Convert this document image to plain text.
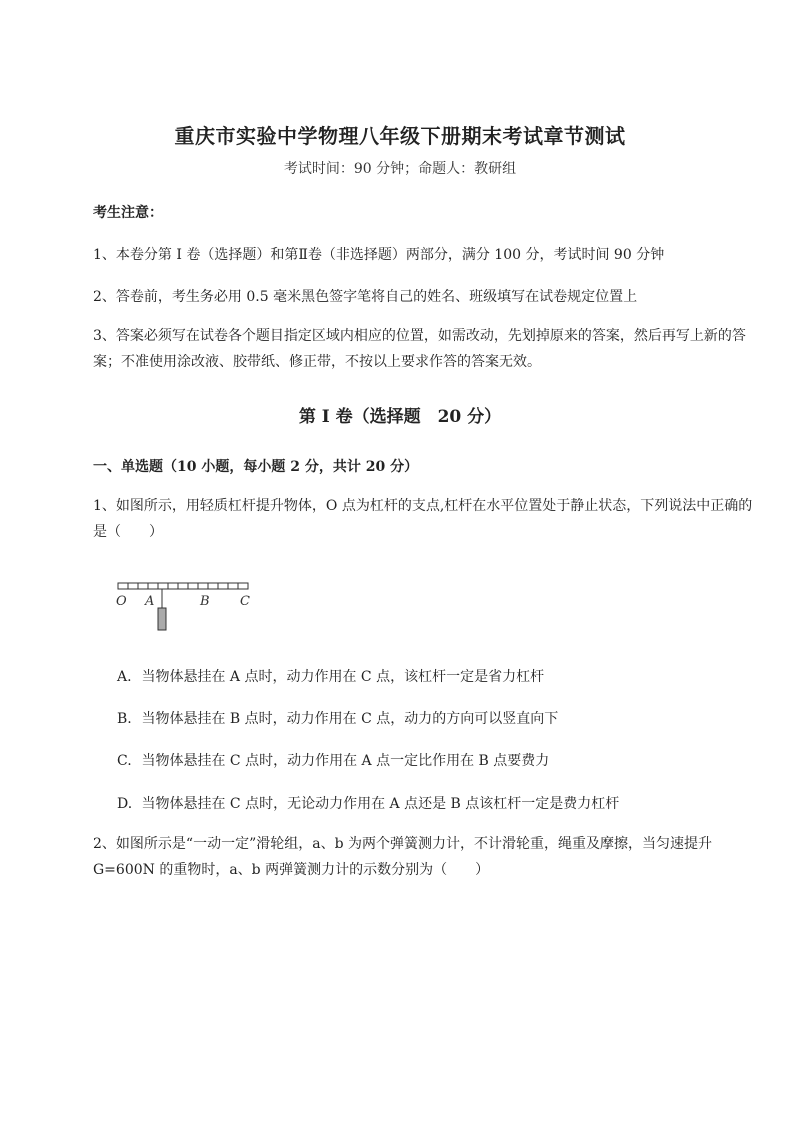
重庆市实验中学物理八年级下册期末考试章节测试
考试时间：90 分钟；命题人：教研组
考生注意：
1、本卷分第 I 卷（选择题）和第Ⅱ卷（非选择题）两部分，满分 100 分，考试时间 90 分钟
2、答卷前，考生务必用 0.5 毫米黑色签字笔将自己的姓名、班级填写在试卷规定位置上
3、答案必须写在试卷各个题目指定区域内相应的位置，如需改动，先划掉原来的答案，然后再写上新的答案；不准使用涂改液、胶带纸、修正带，不按以上要求作答的答案无效。
第 I 卷（选择题　20 分）
一、单选题（10 小题，每小题 2 分，共计 20 分）
1、如图所示，用轻质杠杆提升物体，O 点为杠杆的支点,杠杆在水平位置处于静止状态，下列说法中正确的是（　　）
O A	B C
A. 当物体悬挂在 A 点时，动力作用在 C 点，该杠杆一定是省力杠杆
B. 当物体悬挂在 B 点时，动力作用在 C 点，动力的方向可以竖直向下
C. 当物体悬挂在 C 点时，动力作用在 A 点一定比作用在 B 点要费力
D. 当物体悬挂在 C 点时，无论动力作用在 A 点还是 B 点该杠杆一定是费力杠杆
2、如图所示是“一动一定”滑轮组，a、b 为两个弹簧测力计，不计滑轮重，绳重及摩擦，当匀速提升 G=600N 的重物时，a、b 两弹簧测力计的示数分别为（　　）
